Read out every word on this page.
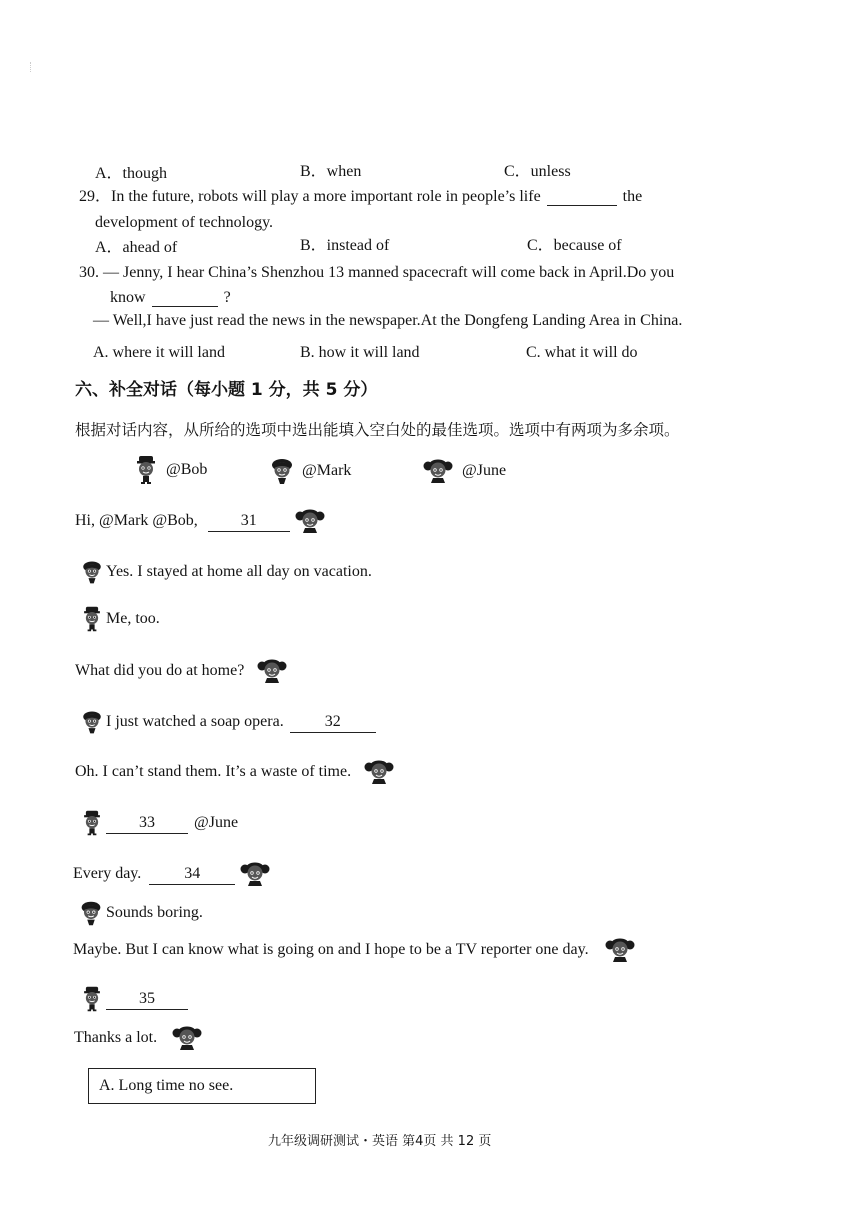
A．though	B．when	C．unless
29．In the future, robots will play a more important role in people’s life	the
development of technology.
A．ahead of	B．instead of	C．because of
30. — Jenny, I hear China’s Shenzhou 13 manned spacecraft will come back in April.Do you
know	?
— Well,I have just read the news in the newspaper.At the Dongfeng Landing Area in China.
A. where it will land	B. how it will land	C. what it will do
六、补全对话（每小题 1 分，共 5 分）
根据对话内容，从所给的选项中选出能填入空白处的最佳选项。选项中有两项为多余项。
@Bob	@Mark	@June
Hi, @Mark @Bob,	31
Yes. I stayed at home all day on vacation.
Me, too.
What did you do at home?
I just watched a soap opera.	32
Oh. I can’t stand them. It’s a waste of time.
33	@June
Every day.	34
Sounds boring.
Maybe. But I can know what is going on and I hope to be a TV reporter one day.
35
Thanks a lot.
A. Long time no see.
九年级调研测试・英语 第4页 共 12 页
